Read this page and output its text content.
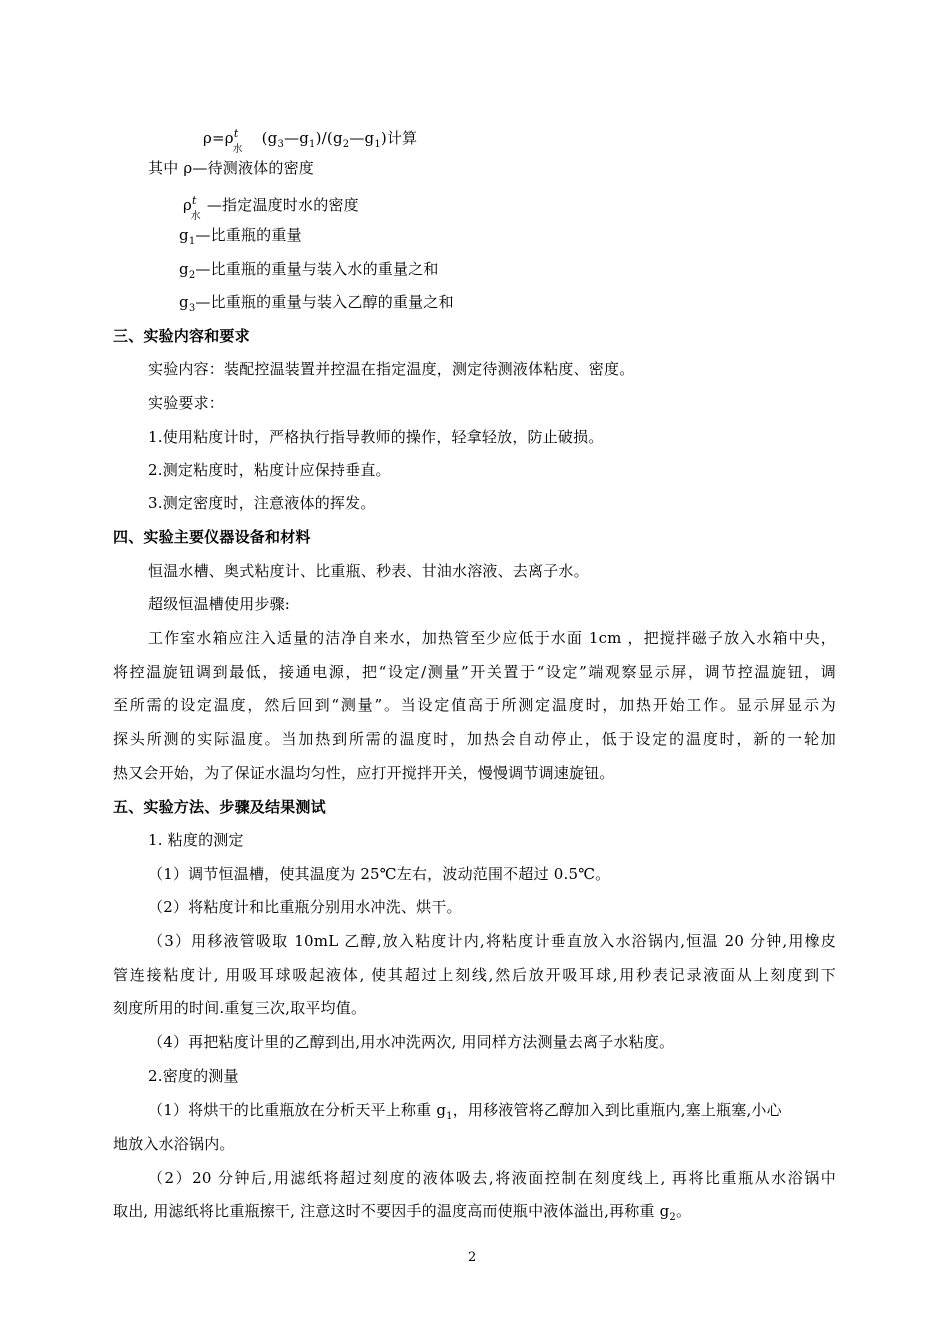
$\rho=\rho^t_水$ $(g_3—g_1)/(g_2—g_1)$计算
其中 ρ—待测液体的密度
$\rho^t_水—$指定温度时水的密度
$g_1—$比重瓶的重量
$g_2—$比重瓶的重量与装入水的重量之和
$g_3—$比重瓶的重量与装入乙醇的重量之和
三、实验内容和要求
实验内容：装配控温装置并控温在指定温度，测定待测液体粘度、密度。
实验要求：
1.使用粘度计时，严格执行指导教师的操作，轻拿轻放，防止破损。
2.测定粘度时，粘度计应保持垂直。
3.测定密度时，注意液体的挥发。
四、实验主要仪器设备和材料
恒温水槽、奥式粘度计、比重瓶、秒表、甘油水溶液、去离子水。
超级恒温槽使用步骤:
工作室水箱应注入适量的洁净自来水，加热管至少应低于水面 1cm ，把搅拌磁子放入水箱中央，
将控温旋钮调到最低，接通电源，把“设定/测量”开关置于“设定”端观察显示屏，调节控温旋钮，调
至所需的设定温度，然后回到“测量”。当设定值高于所测定温度时，加热开始工作。显示屏显示为
探头所测的实际温度。当加热到所需的温度时，加热会自动停止，低于设定的温度时，新的一轮加
热又会开始，为了保证水温均匀性，应打开搅拌开关，慢慢调节调速旋钮。
五、实验方法、步骤及结果测试
1. 粘度的测定
（1）调节恒温槽，使其温度为 25℃左右，波动范围不超过 0.5℃。
（2）将粘度计和比重瓶分别用水冲洗、烘干。
（3）用移液管吸取 10mL 乙醇,放入粘度计内,将粘度计垂直放入水浴锅内,恒温 20 分钟,用橡皮
管连接粘度计, 用吸耳球吸起液体, 使其超过上刻线,然后放开吸耳球,用秒表记录液面从上刻度到下
刻度所用的时间.重复三次,取平均值。
（4）再把粘度计里的乙醇到出,用水冲洗两次, 用同样方法测量去离子水粘度。
2.密度的测量
（1）将烘干的比重瓶放在分析天平上称重 $g_1$，用移液管将乙醇加入到比重瓶内,塞上瓶塞,小心
地放入水浴锅内。
（2）20 分钟后,用滤纸将超过刻度的液体吸去,将液面控制在刻度线上, 再将比重瓶从水浴锅中
取出, 用滤纸将比重瓶擦干, 注意这时不要因手的温度高而使瓶中液体溢出,再称重 $g_2$。
2
